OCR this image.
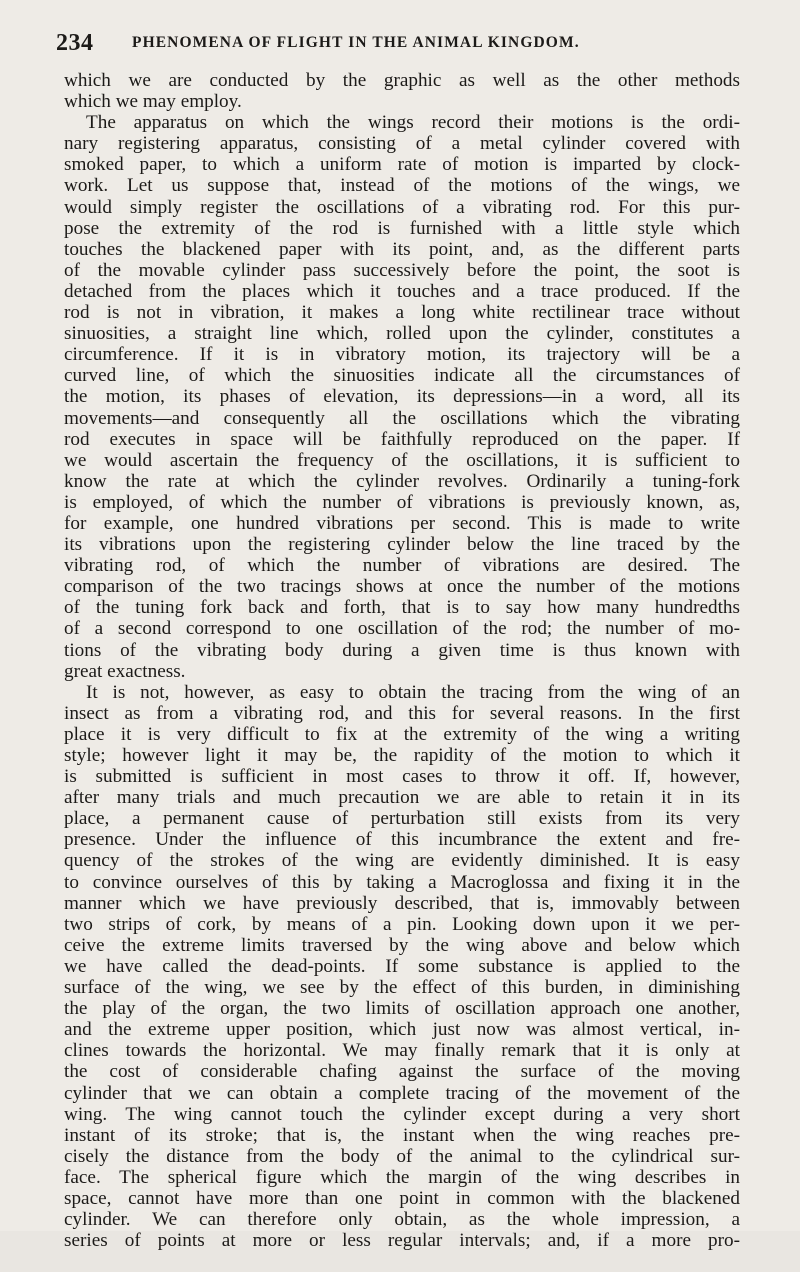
234 PHENOMENA OF FLIGHT IN THE ANIMAL KINGDOM.
which we are conducted by the graphic as well as the other methods
which we may employ.
The apparatus on which the wings record their motions is the ordi-
nary registering apparatus, consisting of a metal cylinder covered with
smoked paper, to which a uniform rate of motion is imparted by clock-
work. Let us suppose that, instead of the motions of the wings, we
would simply register the oscillations of a vibrating rod. For this pur-
pose the extremity of the rod is furnished with a little style which
touches the blackened paper with its point, and, as the different parts
of the movable cylinder pass successively before the point, the soot is
detached from the places which it touches and a trace produced. If the
rod is not in vibration, it makes a long white rectilinear trace without
sinuosities, a straight line which, rolled upon the cylinder, constitutes a
circumference. If it is in vibratory motion, its trajectory will be a
curved line, of which the sinuosities indicate all the circumstances of
the motion, its phases of elevation, its depressions—in a word, all its
movements—and consequently all the oscillations which the vibrating
rod executes in space will be faithfully reproduced on the paper. If
we would ascertain the frequency of the oscillations, it is sufficient to
know the rate at which the cylinder revolves. Ordinarily a tuning-fork
is employed, of which the number of vibrations is previously known, as,
for example, one hundred vibrations per second. This is made to write
its vibrations upon the registering cylinder below the line traced by the
vibrating rod, of which the number of vibrations are desired. The
comparison of the two tracings shows at once the number of the motions
of the tuning fork back and forth, that is to say how many hundredths
of a second correspond to one oscillation of the rod; the number of mo-
tions of the vibrating body during a given time is thus known with
great exactness.
It is not, however, as easy to obtain the tracing from the wing of an
insect as from a vibrating rod, and this for several reasons. In the first
place it is very difficult to fix at the extremity of the wing a writing
style; however light it may be, the rapidity of the motion to which it
is submitted is sufficient in most cases to throw it off. If, however,
after many trials and much precaution we are able to retain it in its
place, a permanent cause of perturbation still exists from its very
presence. Under the influence of this incumbrance the extent and fre-
quency of the strokes of the wing are evidently diminished. It is easy
to convince ourselves of this by taking a Macroglossa and fixing it in the
manner which we have previously described, that is, immovably between
two strips of cork, by means of a pin. Looking down upon it we per-
ceive the extreme limits traversed by the wing above and below which
we have called the dead-points. If some substance is applied to the
surface of the wing, we see by the effect of this burden, in diminishing
the play of the organ, the two limits of oscillation approach one another,
and the extreme upper position, which just now was almost vertical, in-
clines towards the horizontal. We may finally remark that it is only at
the cost of considerable chafing against the surface of the moving
cylinder that we can obtain a complete tracing of the movement of the
wing. The wing cannot touch the cylinder except during a very short
instant of its stroke; that is, the instant when the wing reaches pre-
cisely the distance from the body of the animal to the cylindrical sur-
face. The spherical figure which the margin of the wing describes in
space, cannot have more than one point in common with the blackened
cylinder. We can therefore only obtain, as the whole impression, a
series of points at more or less regular intervals; and, if a more pro-
